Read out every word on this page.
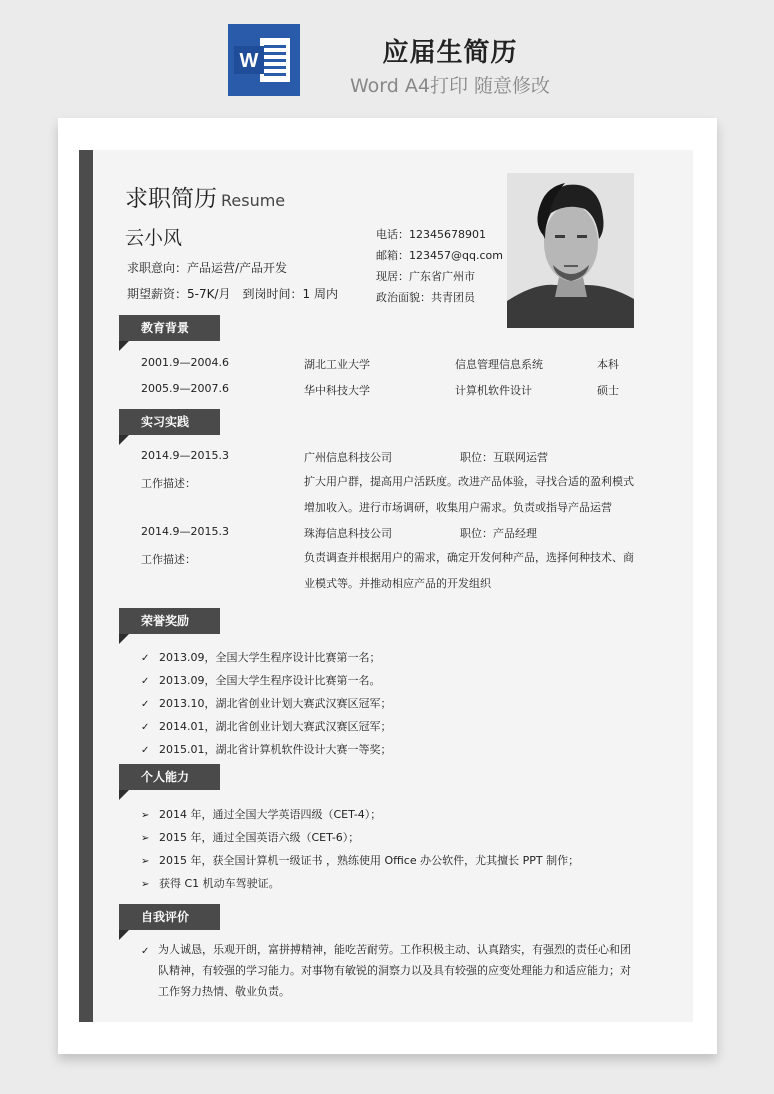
W	应届生简历
Word A4打印 随意修改
求职简历 Resume
云小风
求职意向：产品运营/产品开发
期望薪资：5-7K/月 到岗时间：1 周内
电话：12345678901
邮箱：123457@qq.com
现居：广东省广州市
政治面貌：共青团员
教育背景
2001.9—2004.6	湖北工业大学	信息管理信息系统	本科
2005.9—2007.6	华中科技大学	计算机软件设计	硕士
实习实践
2014.9—2015.3	广州信息科技公司	职位：互联网运营
工作描述：	扩大用户群，提高用户活跃度。改进产品体验，寻找合适的盈利模式增加收入。进行市场调研，收集用户需求。负责或指导产品运营
2014.9—2015.3	珠海信息科技公司	职位：产品经理
工作描述：	负责调查并根据用户的需求，确定开发何种产品，选择何种技术、商业模式等。并推动相应产品的开发组织
荣誉奖励
✓ 2013.09，全国大学生程序设计比赛第一名；
✓ 2013.09，全国大学生程序设计比赛第一名。
✓ 2013.10，湖北省创业计划大赛武汉赛区冠军；
✓ 2014.01，湖北省创业计划大赛武汉赛区冠军；
✓ 2015.01，湖北省计算机软件设计大赛一等奖；
个人能力
➢ 2014 年，通过全国大学英语四级（CET-4）；
➢ 2015 年，通过全国英语六级（CET-6）；
➢ 2015 年，获全国计算机一级证书 ，熟练使用 Office 办公软件，尤其擅长 PPT 制作；
➢ 获得 C1 机动车驾驶证。
自我评价
✓ 为人诚恳，乐观开朗，富拼搏精神，能吃苦耐劳。工作积极主动、认真踏实，有强烈的责任心和团队精神，有较强的学习能力。对事物有敏锐的洞察力以及具有较强的应变处理能力和适应能力；对工作努力热情、敬业负责。
